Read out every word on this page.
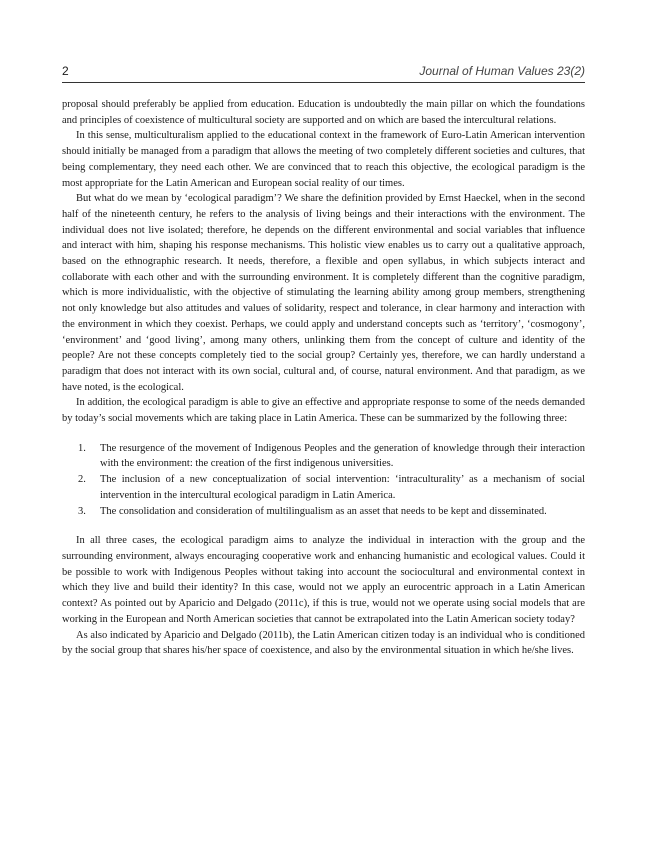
2	Journal of Human Values 23(2)

proposal should preferably be applied from education. Education is undoubtedly the main pillar on which the foundations and principles of coexistence of multicultural society are supported and on which are based the intercultural relations.

In this sense, multiculturalism applied to the educational context in the framework of Euro-Latin American intervention should initially be managed from a paradigm that allows the meeting of two completely different societies and cultures, that being complementary, they need each other. We are convinced that to reach this objective, the ecological paradigm is the most appropriate for the Latin American and European social reality of our times.

But what do we mean by ‘ecological paradigm’? We share the definition provided by Ernst Haeckel, when in the second half of the nineteenth century, he refers to the analysis of living beings and their interactions with the environment. The individual does not live isolated; therefore, he depends on the different environmental and social variables that influence and interact with him, shaping his response mechanisms. This holistic view enables us to carry out a qualitative approach, based on the ethnographic research. It needs, therefore, a flexible and open syllabus, in which subjects interact and collaborate with each other and with the surrounding environment. It is completely different than the cognitive paradigm, which is more individualistic, with the objective of stimulating the learning ability among group members, strengthening not only knowledge but also attitudes and values of solidarity, respect and tolerance, in clear harmony and interaction with the environment in which they coexist. Perhaps, we could apply and understand concepts such as ‘territory’, ‘cosmogony’, ‘environment’ and ‘good living’, among many others, unlinking them from the concept of culture and identity of the people? Are not these concepts completely tied to the social group? Certainly yes, therefore, we can hardly understand a paradigm that does not interact with its own social, cultural and, of course, natural environment. And that paradigm, as we have noted, is the ecological.

In addition, the ecological paradigm is able to give an effective and appropriate response to some of the needs demanded by today’s social movements which are taking place in Latin America. These can be summarized by the following three:

1. The resurgence of the movement of Indigenous Peoples and the generation of knowledge through their interaction with the environment: the creation of the first indigenous universities.
2. The inclusion of a new conceptualization of social intervention: ‘intraculturality’ as a mechanism of social intervention in the intercultural ecological paradigm in Latin America.
3. The consolidation and consideration of multilingualism as an asset that needs to be kept and disseminated.

In all three cases, the ecological paradigm aims to analyze the individual in interaction with the group and the surrounding environment, always encouraging cooperative work and enhancing humanistic and ecological values. Could it be possible to work with Indigenous Peoples without taking into account the sociocultural and environmental context in which they live and build their identity? In this case, would not we apply an eurocentric approach in a Latin American context? As pointed out by Aparicio and Delgado (2011c), if this is true, would not we operate using social models that are working in the European and North American societies that cannot be extrapolated into the Latin American society today?

As also indicated by Aparicio and Delgado (2011b), the Latin American citizen today is an individual who is conditioned by the social group that shares his/her space of coexistence, and also by the environmental situation in which he/she lives.
